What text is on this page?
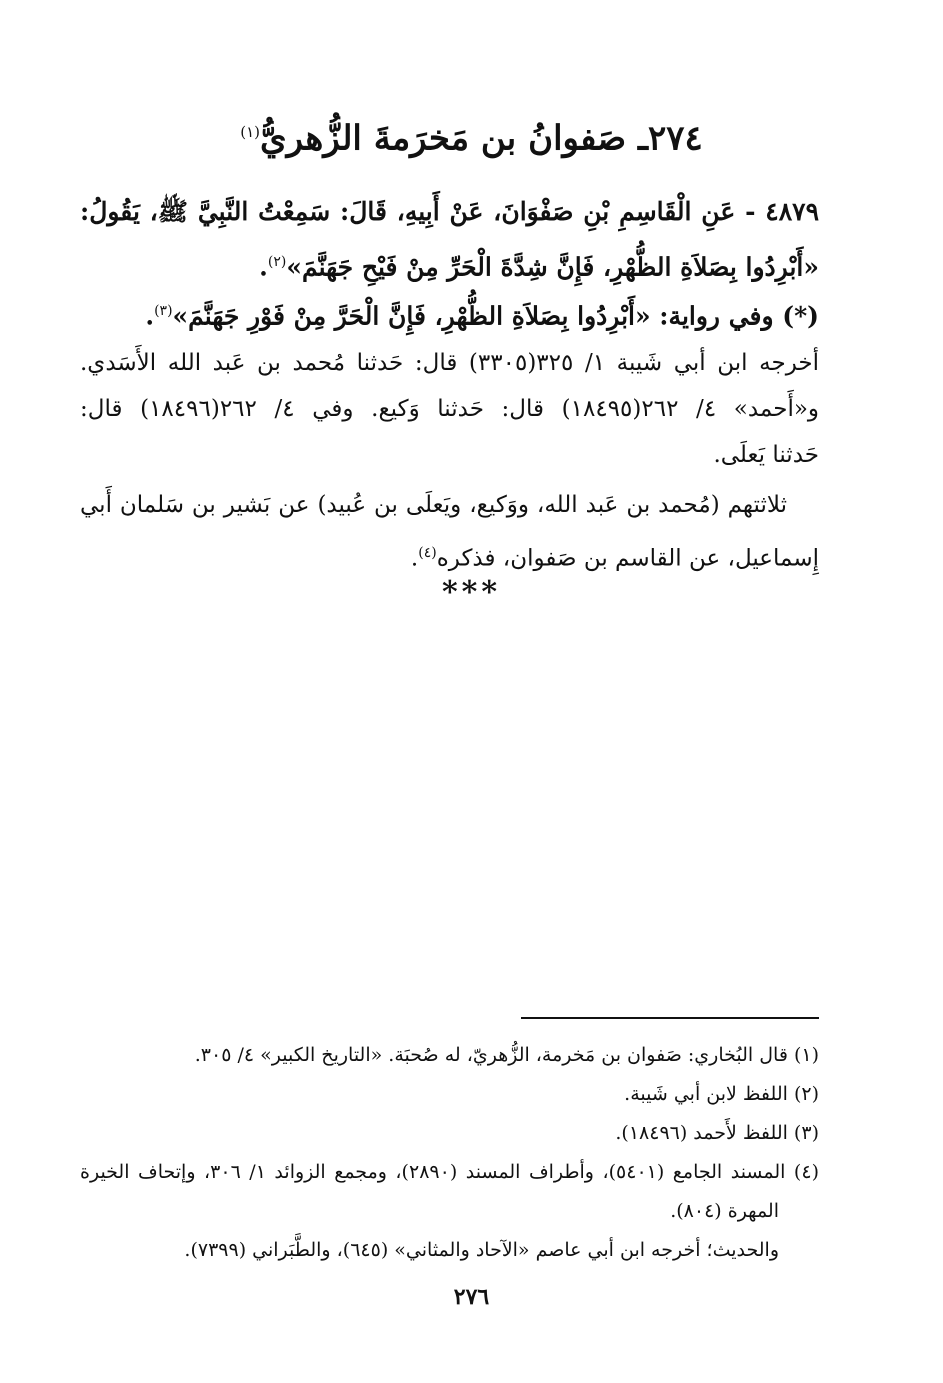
٢٧٤ـ صَفوانُ بن مَخرَمةَ الزُّهريُّ$^{(١)}$
٤٨٧٩ - عَنِ الْقَاسِمِ بْنِ صَفْوَانَ، عَنْ أَبِيهِ، قَالَ: سَمِعْتُ النَّبِيَّ ﷺ، يَقُولُ: «أَبْرِدُوا بِصَلاَةِ الظُّهْرِ، فَإِنَّ شِدَّةَ الْحَرِّ مِنْ فَيْحِ جَهَنَّمَ»$^{(٢)}$.
(*) وفي رواية: «أَبْرِدُوا بِصَلاَةِ الظُّهْرِ، فَإِنَّ الْحَرَّ مِنْ فَوْرِ جَهَنَّمَ»$^{(٣)}$.
أخرجه ابن أبي شَيبة ١/ ٣٢٥(٣٣٠٥) قال: حَدثنا مُحمد بن عَبد الله الأَسَدي.
و«أَحمد» ٤/ ٢٦٢(١٨٤٩٥) قال: حَدثنا وَكيع. وفي ٤/ ٢٦٢(١٨٤٩٦) قال:
حَدثنا يَعلَى.
ثلاثتهم (مُحمد بن عَبد الله، ووَكيع، ويَعلَى بن عُبيد) عن بَشير بن سَلمان أَبي
إِسماعيل، عن القاسم بن صَفوان، فذكره$^{(٤)}$.
***
(١) قال البُخاري: صَفوان بن مَخرمة، الزُّهريّ، له صُحبَة. «التاريخ الكبير» ٤/ ٣٠٥.
(٢) اللفظ لابن أبي شَيبة.
(٣) اللفظ لأَحمد (١٨٤٩٦).
(٤) المسند الجامع (٥٤٠١)، وأطراف المسند (٢٨٩٠)، ومجمع الزوائد ١/ ٣٠٦، وإتحاف الخيرة
المهرة (٨٠٤).
والحديث؛ أخرجه ابن أبي عاصم «الآحاد والمثاني» (٦٤٥)، والطَّبَراني (٧٣٩٩).
٢٧٦
